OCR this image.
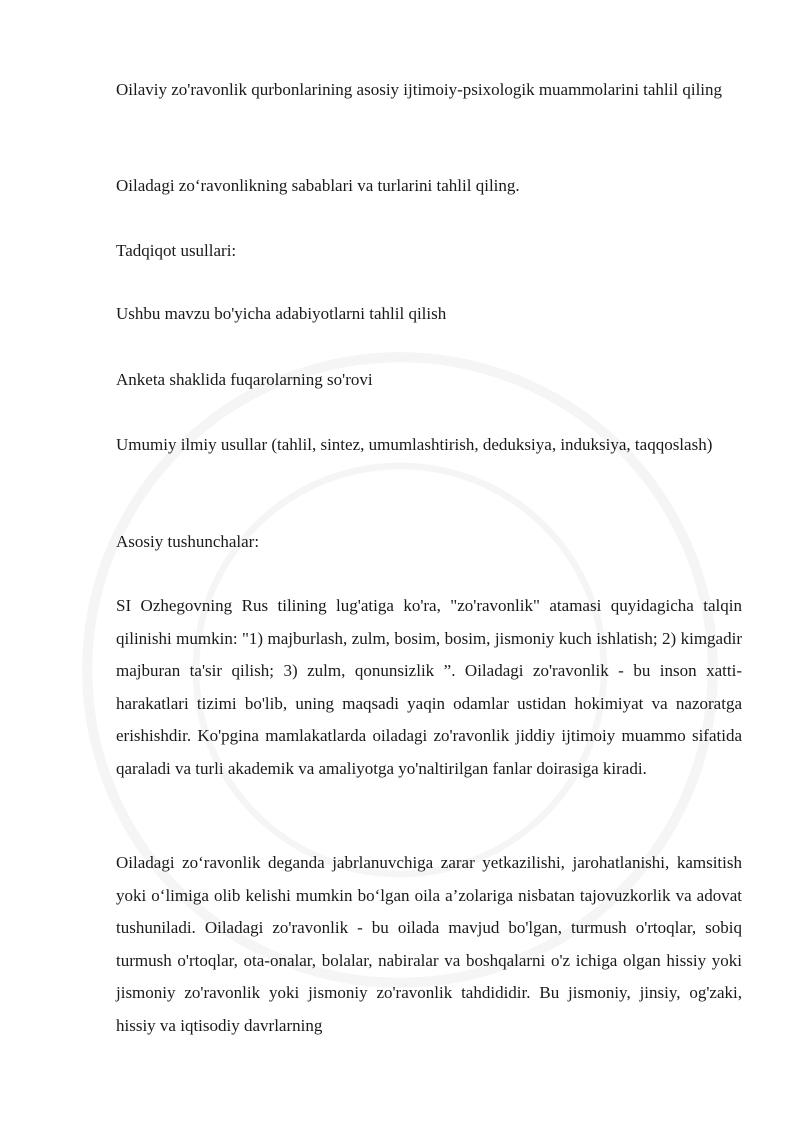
Oilaviy zo'ravonlik qurbonlarining asosiy ijtimoiy-psixologik muammolarini tahlil qiling

Oiladagi zo‘ravonlikning sabablari va turlarini tahlil qiling.

Tadqiqot usullari:

Ushbu mavzu bo'yicha adabiyotlarni tahlil qilish

Anketa shaklida fuqarolarning so'rovi

Umumiy ilmiy usullar (tahlil, sintez, umumlashtirish, deduksiya, induksiya, taqqoslash)

Asosiy tushunchalar:

SI Ozhegovning Rus tilining lug'atiga ko'ra, "zo'ravonlik" atamasi quyidagicha talqin qilinishi mumkin: "1) majburlash, zulm, bosim, bosim, jismoniy kuch ishlatish; 2) kimgadir majburan ta'sir qilish; 3) zulm, qonunsizlik ”. Oiladagi zo'ravonlik - bu inson xatti-harakatlari tizimi bo'lib, uning maqsadi yaqin odamlar ustidan hokimiyat va nazoratga erishishdir. Ko'pgina mamlakatlarda oiladagi zo'ravonlik jiddiy ijtimoiy muammo sifatida qaraladi va turli akademik va amaliyotga yo'naltirilgan fanlar doirasiga kiradi.

Oiladagi zo‘ravonlik deganda jabrlanuvchiga zarar yetkazilishi, jarohatlanishi, kamsitish yoki o‘limiga olib kelishi mumkin bo‘lgan oila a’zolariga nisbatan tajovuzkorlik va adovat tushuniladi. Oiladagi zo'ravonlik - bu oilada mavjud bo'lgan, turmush o'rtoqlar, sobiq turmush o'rtoqlar, ota-onalar, bolalar, nabiralar va boshqalarni o'z ichiga olgan hissiy yoki jismoniy zo'ravonlik yoki jismoniy zo'ravonlik tahdididir. Bu jismoniy, jinsiy, og'zaki, hissiy va iqtisodiy davrlarning
